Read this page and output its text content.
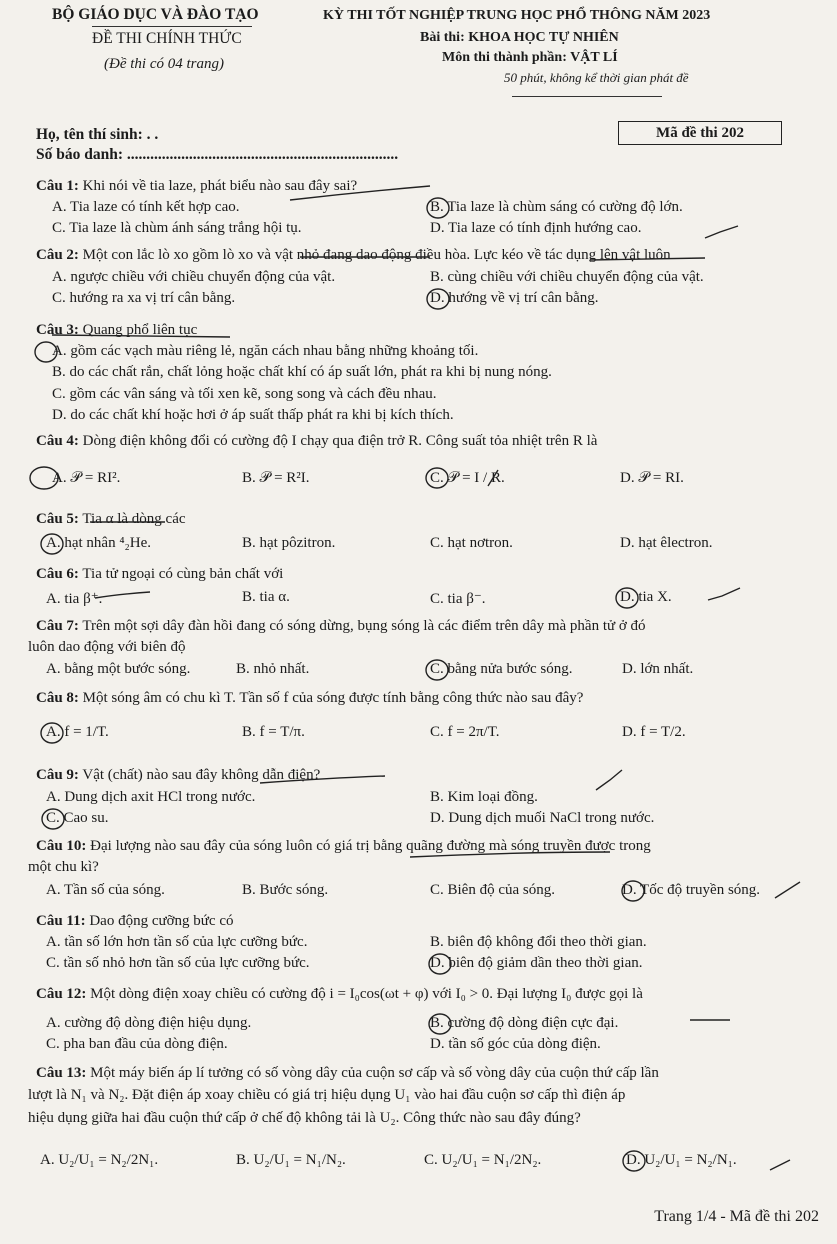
BỘ GIÁO DỤC VÀ ĐÀO TẠO
ĐỀ THI CHÍNH THỨC
(Đề thi có 04 trang)
KỲ THI TỐT NGHIỆP TRUNG HỌC PHỔ THÔNG NĂM 2023
Bài thi: KHOA HỌC TỰ NHIÊN
Môn thi thành phần: VẬT LÍ
50 phút, không kể thời gian phát đề
Họ, tên thí sinh: . .
Số báo danh: ......................................................................
Mã đề thi 202
Câu 1: Khi nói về tia laze, phát biểu nào sau đây sai?
A. Tia laze có tính kết hợp cao.	B. Tia laze là chùm sáng có cường độ lớn.
C. Tia laze là chùm ánh sáng trắng hội tụ.	D. Tia laze có tính định hướng cao.
Câu 2: Một con lắc lò xo gồm lò xo và vật nhỏ đang dao động điều hòa. Lực kéo về tác dụng lên vật luôn
A. ngược chiều với chiều chuyển động của vật.	B. cùng chiều với chiều chuyển động của vật.
C. hướng ra xa vị trí cân bằng.	D. hướng về vị trí cân bằng.
Câu 3: Quang phổ liên tục
A. gồm các vạch màu riêng lẻ, ngăn cách nhau bằng những khoảng tối.
B. do các chất rắn, chất lỏng hoặc chất khí có áp suất lớn, phát ra khi bị nung nóng.
C. gồm các vân sáng và tối xen kẽ, song song và cách đều nhau.
D. do các chất khí hoặc hơi ở áp suất thấp phát ra khi bị kích thích.
Câu 4: Dòng điện không đổi có cường độ I chạy qua điện trở R. Công suất tỏa nhiệt trên R là
A. 𝒫 = RI².	B. 𝒫 = R²I.	C. 𝒫 = I / R.	D. 𝒫 = RI.
Câu 5: Tia α là dòng các
A. hạt nhân ⁴₂He.	B. hạt pôzitron.	C. hạt nơtron.	D. hạt êlectron.
Câu 6: Tia tử ngoại có cùng bản chất với
A. tia β⁺.	B. tia α.	C. tia β⁻.	D. tia X.
Câu 7: Trên một sợi dây đàn hồi đang có sóng dừng, bụng sóng là các điểm trên dây mà phần tử ở đó
luôn dao động với biên độ
A. bằng một bước sóng.	B. nhỏ nhất.	C. bằng nửa bước sóng.	D. lớn nhất.
Câu 8: Một sóng âm có chu kì T. Tần số f của sóng được tính bằng công thức nào sau đây?
A. f = 1/T.	B. f = T/π.	C. f = 2π/T.	D. f = T/2.
Câu 9: Vật (chất) nào sau đây không dẫn điện?
A. Dung dịch axit HCl trong nước.	B. Kim loại đồng.
C. Cao su.	D. Dung dịch muối NaCl trong nước.
Câu 10: Đại lượng nào sau đây của sóng luôn có giá trị bằng quãng đường mà sóng truyền được trong
một chu kì?
A. Tần số của sóng.	B. Bước sóng.	C. Biên độ của sóng.	D. Tốc độ truyền sóng.
Câu 11: Dao động cưỡng bức có
A. tần số lớn hơn tần số của lực cưỡng bức.	B. biên độ không đổi theo thời gian.
C. tần số nhỏ hơn tần số của lực cưỡng bức.	D. biên độ giảm dần theo thời gian.
Câu 12: Một dòng điện xoay chiều có cường độ i = I₀cos(ωt + φ) với I₀ > 0. Đại lượng I₀ được gọi là
A. cường độ dòng điện hiệu dụng.	B. cường độ dòng điện cực đại.
C. pha ban đầu của dòng điện.	D. tần số góc của dòng điện.
Câu 13: Một máy biến áp lí tưởng có số vòng dây của cuộn sơ cấp và số vòng dây của cuộn thứ cấp lần
lượt là N₁ và N₂. Đặt điện áp xoay chiều có giá trị hiệu dụng U₁ vào hai đầu cuộn sơ cấp thì điện áp
hiệu dụng giữa hai đầu cuộn thứ cấp ở chế độ không tải là U₂. Công thức nào sau đây đúng?
A. U₂/U₁ = N₂/2N₁.	B. U₂/U₁ = N₁/N₂.	C. U₂/U₁ = N₁/2N₂.	D. U₂/U₁ = N₂/N₁.
Trang 1/4 - Mã đề thi 202
